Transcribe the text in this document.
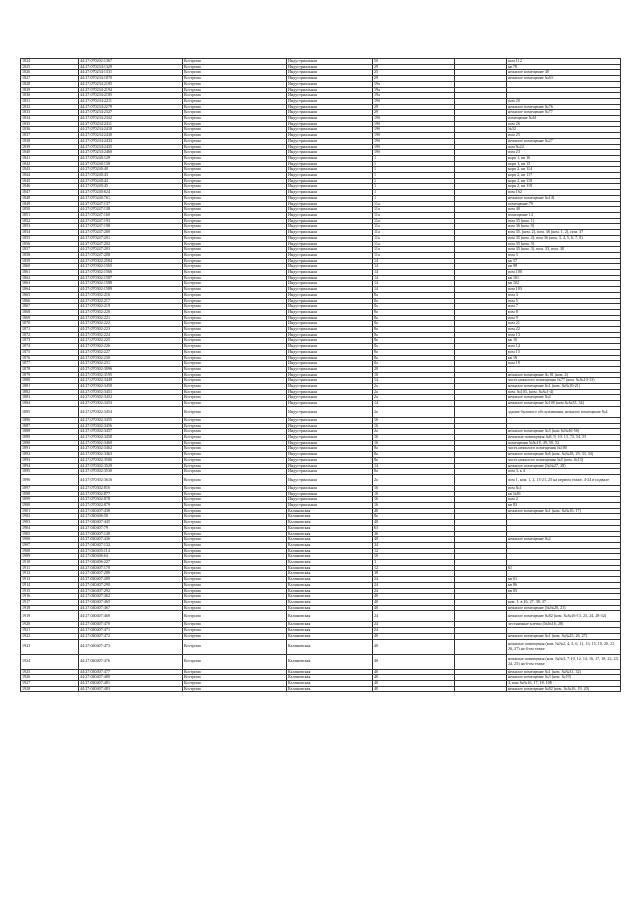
1824	44:27:070202:1367	Кострома	Индустриальная	5б		пом 112
1825	44:27:070234:1329	Кострома	Индустриальная	29		кв 78
1826	44:27:070234:1331	Кострома	Индустриальная	25		нежилое помещение 40
1827	44:27:070234:1870	Кострома	Индустриальная	29		нежилое помещение №63
1828	44:27:070234:2185	Кострома	Индустриальная	19а		
1829	44:27:070234:2194	Кострома	Индустриальная	19а		
1830	44:27:070234:2185	Кострома	Индустриальная	19а		
1831	44:27:070234:2211	Кострома	Индустриальная	19б		пом 20
1832	44:27:070234:2279	Кострома	Индустриальная	29		нежилое помещение №76
1833	44:27:070234:2327	Кострома	Индустриальная	29		нежилое помещение №77
1834	44:27:070234:2342	Кострома	Индустриальная	19б		помещение №61
1835	44:27:070234:2411	Кострома	Индустриальная	19б		пом 26
1836	44:27:070234:2418	Кострома	Индустриальная	19б		№32
1837	44:27:070234:2430	Кострома	Индустриальная	19б		пом 25
1838	44:27:070234:2433	Кострома	Индустриальная	19б		нежилое помещение №27
1839	44:27:070234:2435	Кострома	Индустриальная	19б		пом №22
1840	44:27:070234:2460	Кострома	Индустриальная	19б		пом 23
1841	44:27:070240:129	Кострома	Индустриальная	1		корп 1, кв 16
1842	44:27:070240:130	Кострома	Индустриальная	1		корп 1, кв 15
1843	44:27:070240:40	Кострома	Индустриальная	1		корп 2, кв 114
1844	44:27:070240:43	Кострома	Индустриальная	1		корп 2, кв 117
1845	44:27:070240:44	Кострома	Индустриальная	1		корп 2, кв 118
1846	44:27:070240:45	Кострома	Индустриальная	1		корп 2, кв 119
1847	44:27:070240:624	Кострома	Индустриальная	1		пом 162
1848	44:27:070240:761	Кострома	Индустриальная	1		нежилое помещение №141
1849	44:27:070247:137	Кострома	Индустриальная	11а		помещение 79
1850	44:27:070247:138	Кострома	Индустриальная	11а		пом 40
1851	44:27:070247:160	Кострома	Индустриальная	11а		помещение 14
1852	44:27:070247:193	Кострома	Индустриальная	11а		пом 35 (ком. 1)
1853	44:27:070247:198	Кострома	Индустриальная	11а		пом 36 (ком. 9)
1854	44:27:070247:200	Кострома	Индустриальная	11а		пом 35, (ком. 2), пом. 36 (ком. 1, 2), пом. 37
1855	44:27:070247:201	Кострома	Индустриальная	11а		пом 35 (ком. 4), пом 36 (ком. 3, 4, 5, 6, 7, 8)
1856	44:27:070247:202	Кострома	Индустриальная	11а		пом 35 (ком. 5)
1857	44:27:070247:203	Кострома	Индустриальная	11а		пом 35 (ком. 3), пом. 33, пом. 38
1858	44:27:070247:208	Кострома	Индустриальная	11а		пом 3
1859	44:27:070302:2584	Кострома	Индустриальная	14		кв 57
1860	44:27:070302:1565	Кострома	Индустриальная	14		кв 98
1861	44:27:070302:1566	Кострома	Индустриальная	14		пом 100
1862	44:27:070302:1587	Кострома	Индустриальная	14		кв 101
1863	44:27:070302:1588	Кострома	Индустриальная	14		кв 102
1864	44:27:070302:1589	Кострома	Индустриальная	14		пом 103
1865	44:27:070302:216	Кострома	Индустриальная	8а		пом 4
1866	44:27:070302:217	Кострома	Индустриальная	8а		пом 5
1867	44:27:070302:219	Кострома	Индустриальная	8а		пом 7
1868	44:27:070302:220	Кострома	Индустриальная	8а		пом 8
1869	44:27:070302:221	Кострома	Индустриальная	8а		пом 9
1870	44:27:070302:222	Кострома	Индустриальная	8а		пом 21
1871	44:27:070302:223	Кострома	Индустриальная	8а		пом 22
1872	44:27:070302:224	Кострома	Индустриальная	8а		пом 13
1873	44:27:070302:225	Кострома	Индустриальная	8а		кв 10
1874	44:27:070302:226	Кострома	Индустриальная	8а		пом 14
1875	44:27:070302:227	Кострома	Индустриальная	8а		пом 15
1876	44:27:070302:230	Кострома	Индустриальная	8а		кв 18
1877	44:27:070302:231	Кострома	Индустриальная	8а		пом 19
1878	44:27:070302:3096	Кострома	Индустриальная	20		
1879	44:27:070302:3195	Кострома	Индустриальная	16		нежилое помещение № 81 (ком. 4)
1880	44:27:070302:3449	Кострома	Индустриальная	14		часть нежилого помещения №77 (ком. №№10-13)
1881	44:27:070302:3450	Кострома	Индустриальная	2а		нежилое помещение №1 (ком. №№10-21)
1882	44:27:070302:3451	Кострома	Индустриальная	2а		пом. №103, (ком. №№1-4)
1883	44:27:070302:3452	Кострома	Индустриальная	2а		нежилое помещение №4
1884	44:27:070302:3453	Кострома	Индустриальная	14		нежилое помещение №100 (ком №№33, 34)
1885	44:27:070302:3454	Кострома	Индустриальная	2а		здание бытового обслуживания, нежилое помещение №4
1886	44:27:070302:3455	Кострома	Индустриальная	16		
1887	44:27:070302:3456	Кострома	Индустриальная	16		
1888	44:27:070302:3457	Кострома	Индустриальная	2а		нежилое помещение №5 (ком №№46-56)
1889	44:27:070302:3458	Кострома	Индустриальная	16		нежилые помещения №8, 9, 10, 13, 73, 54, 55
1890	44:27:070302:3460	Кострома	Индустриальная	16		помещения №№18, 49, 50, 52
1891	44:27:070302:3462	Кострома	Индустриальная	8а		часть нежилого помещения №100
1892	44:27:070302:3463	Кострома	Индустриальная	8а		нежилое помещение №6 (ком. №№28, 29, 33, 34)
1893	44:27:070302:3506	Кострома	Индустриальная	8а		часть нежилого помещения №5 (ком. №13)
1894	44:27:070302:3529	Кострома	Индустриальная	14		нежилое помещение (№№27, 28)
1895	44:27:070302:3530	Кострома	Индустриальная	8а		пом 3, к 4
1896	44:27:070302:3616	Кострома	Индустриальная	2а		пом 1, ком. 1, 2, 13-21, 25 на первом этаже, 4-24 в подвале
1897	44:27:070302:816	Кострома	Индустриальная	16		пом №1
1898	44:27:070302:877	Кострома	Индустриальная	16		кв №81
1899	44:27:070302:878	Кострома	Индустриальная	16		пом 2
1900	44:27:070302:879	Кострома	Индустриальная	16		кв 83
1901	44:27:040407:438	Кострома	Калиновская	40		нежилое помещение №1 (ком. №№16, 17)
1902	44:27:040406:50	Кострома	Калиновская	8а		
1903	44:27:040407:445	Кострома	Калиновская	40		
1904	44:27:040407:79	Кострома	Калиновская	63		
1905	44:27:040407:140	Кострома	Калиновская	36		
1906	44:27:040407:436	Кострома	Калиновская	40		нежилое помещение №2
1907	44:27:040407:132	Кострома	Калиновская	34		
1908	44:27:040405:114	Кострома	Калиновская	12		
1909	44:27:040406:64	Кострома	Калиновская	10		
1910	44:27:040406:227	Кострома	Калиновская	3		
1911	44:27:040407:170	Кострома	Калиновская	12		61
1912	44:27:040407:288	Кострома	Калиновская	38		
1913	44:27:040407:289	Кострома	Калиновская	24		кв 61
1914	44:27:040407:290	Кострома	Калиновская	24		кв 86
1915	44:27:040407:292	Кострома	Калиновская	24		кв 83
1916	44:27:040407:462	Кострома	Калиновская	40		
1917	44:27:040407:465	Кострома	Калиновская	40		ком. 1, в 26, 27, 38, 37
1918	44:27:040407:467	Кострома	Калиновская	40		нежилое помещение (№№20, 21)
1919	44:27:040407:469	Кострома	Калиновская	24		нежилое помещение №82 (ком. №№16-13, 23, 24, 28-32)
1920	44:27:040407:470	Кострома	Калиновская	24		лестничные клетки (№№16, 28)
1921	44:27:040407:471	Кострома	Калиновская	24		
1922	44:27:040407:472	Кострома	Калиновская	40		нежилое помещение №1 (ком. №№25, 26, 27)
1923	44:27:040407:473	Кострома	Калиновская	40		нежилые помещения (ком. №№2, 4, 5, 6, 11, 13, 15, 19, 20, 21, 26, 27) на 6-ом этаже
1924	44:27:040407:476	Кострома	Калиновская	40		нежилые помещения (ком. №№3, 7-10, 12, 14, 16, 17, 18, 22, 23, 24, 25) на 6-ом этаже
1925	44:27:040407:477	Кострома	Калиновская	40		нежилое помещение №1 (ком. №№31, 32)
1926	44:27:040407:480	Кострома	Калиновская	40		нежилое помещение №3 (ком. №19)
1927	44:27:040407:481	Кострома	Калиновская	40		3, ком №№16, 17, 18, 108
1928	44:27:040407:483	Кострома	Калиновская	40		нежилое помещение №82 (ком. №№16, 19, 20)
